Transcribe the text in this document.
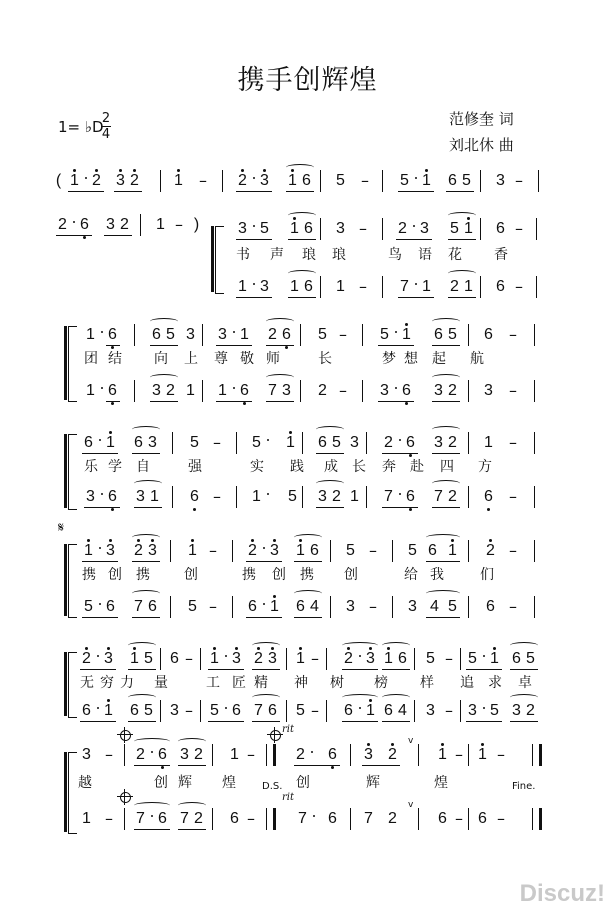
携手创辉煌
1= ♭D
2
4
范修奎 词
刘北休 曲
( 1 2 3 2 1 – 2 3 1 6 5 – 5 1 6 5 3 –
2 6 3 2 1 – ) 3 5 1 6 3 – 2 3 5 1 6 –
书 声 琅 琅	鸟 语 花 香
1 3 1 6 1 – 7 1 2 1 6 –
1 6 6 5 3 3 1 2 6 5 – 5 1 6 5 6 –
团 结 向 上 尊 敬 师	长	梦 想 起 航
1 6 3 2 1 1 6 7 3 2 – 3 6 3 2 3 –
6 1 6 3 5 – 5 1 6 5 3 2 6 3 2 1 –
乐 学 自	强	实 践 成 长 奔 赴 四 方
3 6 3 1 6 – 1 5 3 2 1 7 6 7 2 6 –
𝄋
1 3 2 3 1 – 2 3 1 6 5 – 5 6 1 2 –
携 创 携 创	携 创 携 创	给 我	们
5 6 7 6 5 – 6 1 6 4 3 – 3 4 5 6 –
2 3 1 5 6 – 1 3 2 3 1 – 2 3 1 6 5 – 5 1 6 5
无 穷 力 量	工 匠 精 神 树 榜 样 追 求 卓
6 1 6 5 3 – 5 6 7 6 5 – 6 1 6 4 3 – 3 5 3 2
3 – 2 6 3 2 1 –	2 6 3 2	1 – 1 –
rit
v
越	创 辉 煌	D.S. 创	辉	煌	Fine.
1 – 7 6 7 2 6 –	7 6 7 2	6 – 6 –
rit
v
Discuz!
